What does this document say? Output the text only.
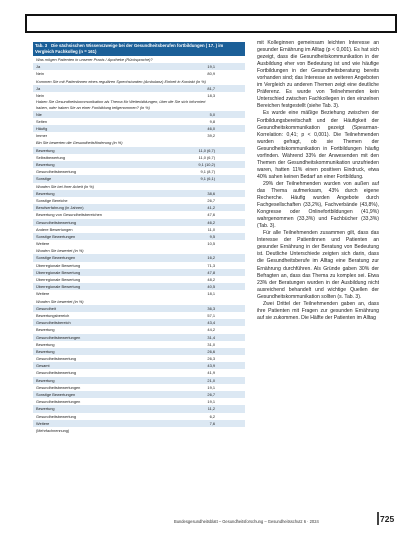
Tab. 3 Die sächsischen Wissenszweige bei der Gesundheitsberufen fortbildungen ( 17. ) im Vergleich Fachkolleg (n = 161)
Was mögen Patienten in unserer Praxis / Apotheke (Rücksprache)?
Ja	19,1
Nein	80,9
Kommen Sie mit Patientinnen eines regulären Sprechstunden (Ambulanz) Einheit in Kontakt (in %)
Ja	81,7
Nein	18,3
Haben Sie Gesundheitskommunikation als Thema für Weiterbildungen, über die Sie sich informiert haben, oder haben Sie an einer Fortbildung teilgenommen? (in %)
Nie	5,0
Selten	9,8
Häufig	46,0
Immer	39,2
Bin Sie bewerten die Gesundheitsförderung (in %)
Bewertung	11,0 (6,7)
Selbstbewertung	11,0 (6,7)
Bewertung	9,1 (10,2)
Gesundheitsbewertung	9,1 (8,7)
Sonstige	9,1 (6,1)
Wurden Sie bei Ihrer Arbeit (in %)
Bewertung	38,6
Sonstige Bereiche	26,7
Berufserfahrung (in Jahren)	41,2
Bewertung von Gesundheitsbereichen	47,6
Gesundheitsbewertung	46,2
Andere Bewertungen	11,0
Sonstige Bewertungen	9,5
Weitere	10,5
Wurden Sie bewertet (in %)
Sonstige Bewertungen	16,2
Überregionale Bewertung	71,3
Überregionale Bewertung	47,8
Überregionale Bewertung	48,2
Überregionale Bewertung	40,5
Weitere	18,1
Wurden Sie bewertet (in %)
Gesundheit	36,3
Bewertungsbereich	57,1
Gesundheitsbereich	43,4
Bewertung	44,2
Gesundheitsbewertungen	31,4
Bewertung	31,0
Bewertung	26,6
Gesundheitsbewertung	26,3
Gesamt	43,9
Gesundheitsbewertung	41,9
Bewertung	21,0
Gesundheitsbewertungen	19,1
Sonstige Bewertungen	26,7
Gesundheitsbewertungen	19,1
Bewertung	11,2
Gesundheitsbewertung	6,2
Weitere	7,6
(Mehrfachnennung)

mit Kolleginnen gemeinsam leichten Interesse an gesunder Ernährung im Alltag (p < 0,001). Es hat sich gezeigt, dass die Gesundheitskommunikation in der Ausbildung eher von Bedeutung ist und wie häufige Fortbildungen in der Gesundheitsberatung bereits vorhanden sind; das Interesse an weiteren Angeboten im Vergleich zu anderen Themen zeigt eine deutliche Präferenz. Es wurde von Teilnehmenden kein Unterschied zwischen Fachkollegen in den einzelnen Bereichen festgestellt (siehe Tab. 3).

Es wurde eine mäßige Beziehung zwischen der Fortbildungsbereitschaft und der Häufigkeit der Gesundheitskommunikation gezeigt (Spearman-Korrelation: 0,41; p < 0,001). Die Teilnehmenden wurden gefragt, ob sie Themen der Gesundheitskommunikation in Fortbildungen häufig vorfinden. Während 33% der Anwesenden mit den Themen der Gesundheitskommunikation unzufrieden waren, hatten 11% einen positiven Eindruck, etwa 40% sahen keinen Bedarf an einer Fortbildung.

29% der Teilnehmenden wurden von außen auf das Thema aufmerksam, 43% durch eigene Recherche. Häufig wurden Angebote durch Fachgesellschaften (33,2%), Fachverbände (43,8%), Kongresse oder Onlinefortbildungen (41,9%) wahrgenommen (33,3%) und Fachbücher (33,3%) (Tab. 3).

Für alle Teilnehmenden zusammen gilt, dass das Interesse der Patientinnen und Patienten an gesunder Ernährung in der Beratung von Bedeutung ist. Deutliche Unterschiede zeigten sich darin, dass die Gesundheitsberufe im Alltag eine Beratung zur Ernährung durchführen. Als Gründe gaben 30% der Befragten an, dass das Thema zu komplex sei. Etwa 23% der Beratungen wurden in der Ausbildung nicht ausreichend behandelt und wichtige Quellen der Gesundheitskommunikation sollten (s. Tab. 3).

Zwei Drittel der Teilnehmenden gaben an, dass ihre Patienten mit Fragen zur gesunden Ernährung auf sie zukommen. Die Hälfte der Patienten im Alltag

Bundesgesundheitsblatt – Gesundheitsforschung – Gesundheitsschutz 6 · 2024	725
